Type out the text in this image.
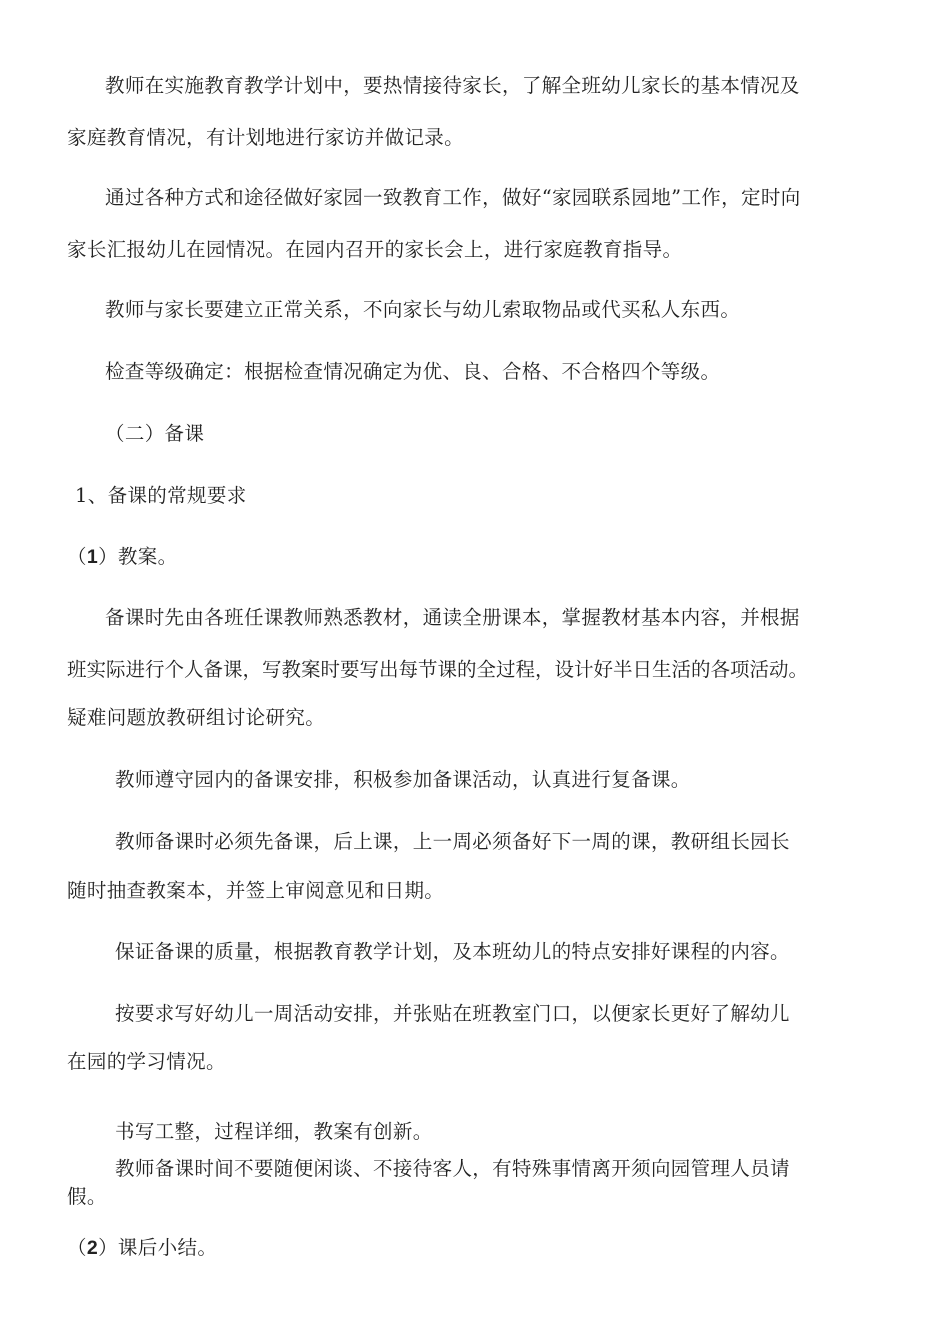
教师在实施教育教学计划中，要热情接待家长，了解全班幼儿家长的基本情况及

家庭教育情况，有计划地进行家访并做记录。

通过各种方式和途径做好家园一致教育工作，做好“家园联系园地”工作，定时向

家长汇报幼儿在园情况。在园内召开的家长会上，进行家庭教育指导。

教师与家长要建立正常关系，不向家长与幼儿索取物品或代买私人东西。

检查等级确定：根据检查情况确定为优、良、合格、不合格四个等级。

（二）备课

1、备课的常规要求

（1）教案。

备课时先由各班任课教师熟悉教材，通读全册课本，掌握教材基本内容，并根据

班实际进行个人备课，写教案时要写出每节课的全过程，设计好半日生活的各项活动。

疑难问题放教研组讨论研究。

教师遵守园内的备课安排，积极参加备课活动，认真进行复备课。

教师备课时必须先备课，后上课，上一周必须备好下一周的课，教研组长园长

随时抽查教案本，并签上审阅意见和日期。

保证备课的质量，根据教育教学计划，及本班幼儿的特点安排好课程的内容。

按要求写好幼儿一周活动安排，并张贴在班教室门口，以便家长更好了解幼儿

在园的学习情况。

书写工整，过程详细，教案有创新。

教师备课时间不要随便闲谈、不接待客人，有特殊事情离开须向园管理人员请

假。

（2）课后小结。
